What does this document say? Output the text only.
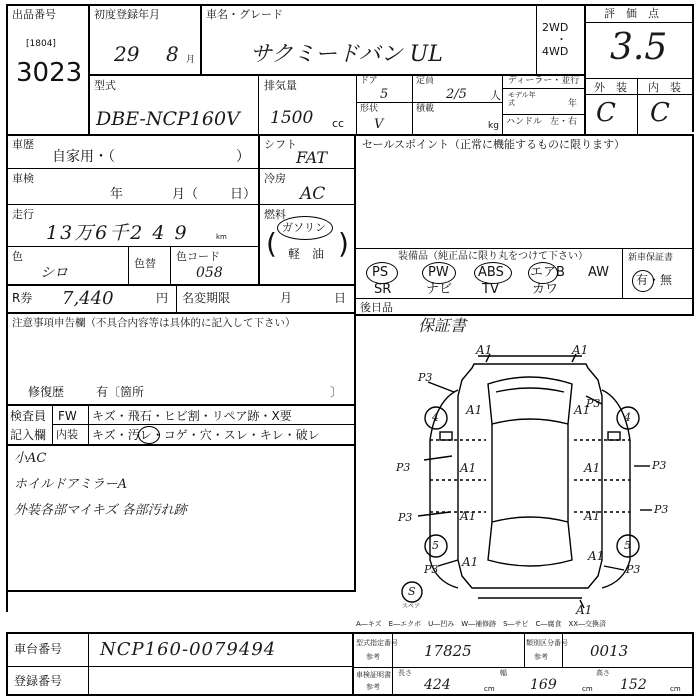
出品番号
[1804]
3023
初度登録年月
29 8 月
車名・グレード
サクミードバン UL
2WD
・
4WD
評　価　点
3.5
外　装 内　装
C C
型式
DBE-NCP160V
排気量
1500 cc
ドア
5
定員
2/5 人
形状
V
積載
kg
ディーラー・並行
モデル年式	年
ハンドル 左・右
車歴
自家用・（	）
シフト
FAT
セールスポイント（正常に機能するものに限ります）
車検
年	月（ 日）
冷房
AC
走行
13万6千2 4 9	km
燃料
ガソリン
軽　油
色
シロ
色替
色コード
058
( )	装備品（純正品に限り丸をつけて下さい）
PS	PW ABS エアB AW
SR	ナビ TV	カワ
新車保証書
有・無
後日品
保証書
R券 7,440	円 名変期限	月	日
注意事項申告欄（不具合内容等は具体的に記入して下さい）
修復歴	有〔箇所	〕
検査員
記入欄
FW キズ・飛石・ヒビ割・リペア跡・X要
内装 キズ・汚レ・コゲ・穴・スレ・キレ・破レ
小AC
ホイルドアミラーA
外装各部マイキズ 各部汚れ跡
A1	A1
P3
P3
4	4
A1	A1
P3	A1	A1	P3
P3	A1	A1	P3
5	5
P3
A1	A1
P3
A1
S
スペア
A―キズ　E―エクボ　U―凹み　W―補修跡　S―サビ　C―腐食　XX―交換済
車台番号 NCP160-0079494
登録番号
型式指定番号
参考	17825	類別区分番号
参考	0013
車検証明書
参考
長さ
424	cm
幅
169	cm
高さ
152	cm
